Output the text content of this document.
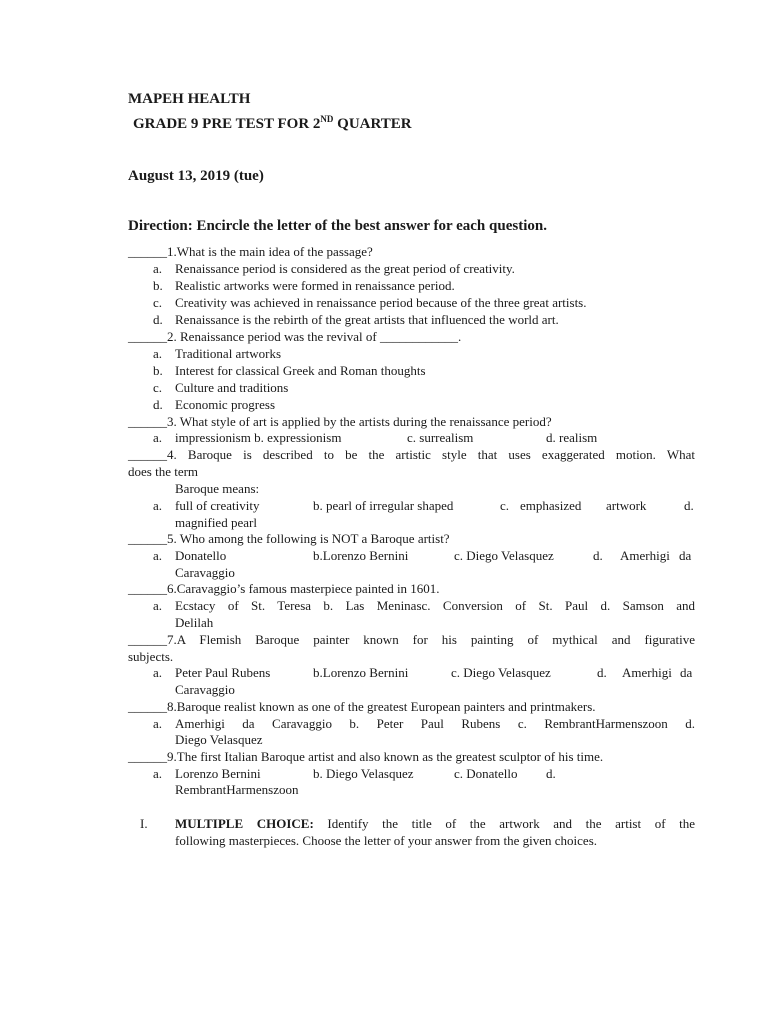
MAPEH HEALTH
GRADE 9 PRE TEST FOR 2ND QUARTER
August 13, 2019 (tue)
Direction: Encircle the letter of the best answer for each question.
______1.What is the main idea of the passage?
a. Renaissance period is considered as the great period of creativity.
b. Realistic artworks were formed in renaissance period.
c. Creativity was achieved in renaissance period because of the three great artists.
d. Renaissance is the rebirth of the great artists that influenced the world art.
______2. Renaissance period was the revival of ____________.
a. Traditional artworks
b. Interest for classical Greek and Roman thoughts
c. Culture and traditions
d. Economic progress
______3. What style of art is applied by the artists during the renaissance period?
a. impressionism b. expressionism	c. surrealism	d. realism
______4. Baroque is described to be the artistic style that uses exaggerated motion. What
does the term
Baroque means:
a. full of creativity	b. pearl of irregular shaped	c. emphasized artwork	d.
magnified pearl
______5. Who among the following is NOT a Baroque artist?
a. Donatello	b.Lorenzo Bernini	c. Diego Velasquez	d. Amerhigi da
Caravaggio
______6.Caravaggio’s famous masterpiece painted in 1601.
a. Ecstacy of St. Teresa b. Las Meninasc. Conversion of St. Paul d. Samson and
Delilah
______7.A Flemish Baroque painter known for his painting of mythical and figurative
subjects.
a. Peter Paul Rubens	b.Lorenzo Bernini	c. Diego Velasquez	d. Amerhigi da
Caravaggio
______8.Baroque realist known as one of the greatest European painters and printmakers.
a. Amerhigi da Caravaggio b. Peter Paul Rubens c. RembrantHarmenszoon d.
Diego Velasquez
______9.The first Italian Baroque artist and also known as the greatest sculptor of his time.
a. Lorenzo Bernini	b. Diego Velasquez	c. Donatello d.
RembrantHarmenszoon
I. MULTIPLE CHOICE: Identify the title of the artwork and the artist of the
following masterpieces. Choose the letter of your answer from the given choices.
